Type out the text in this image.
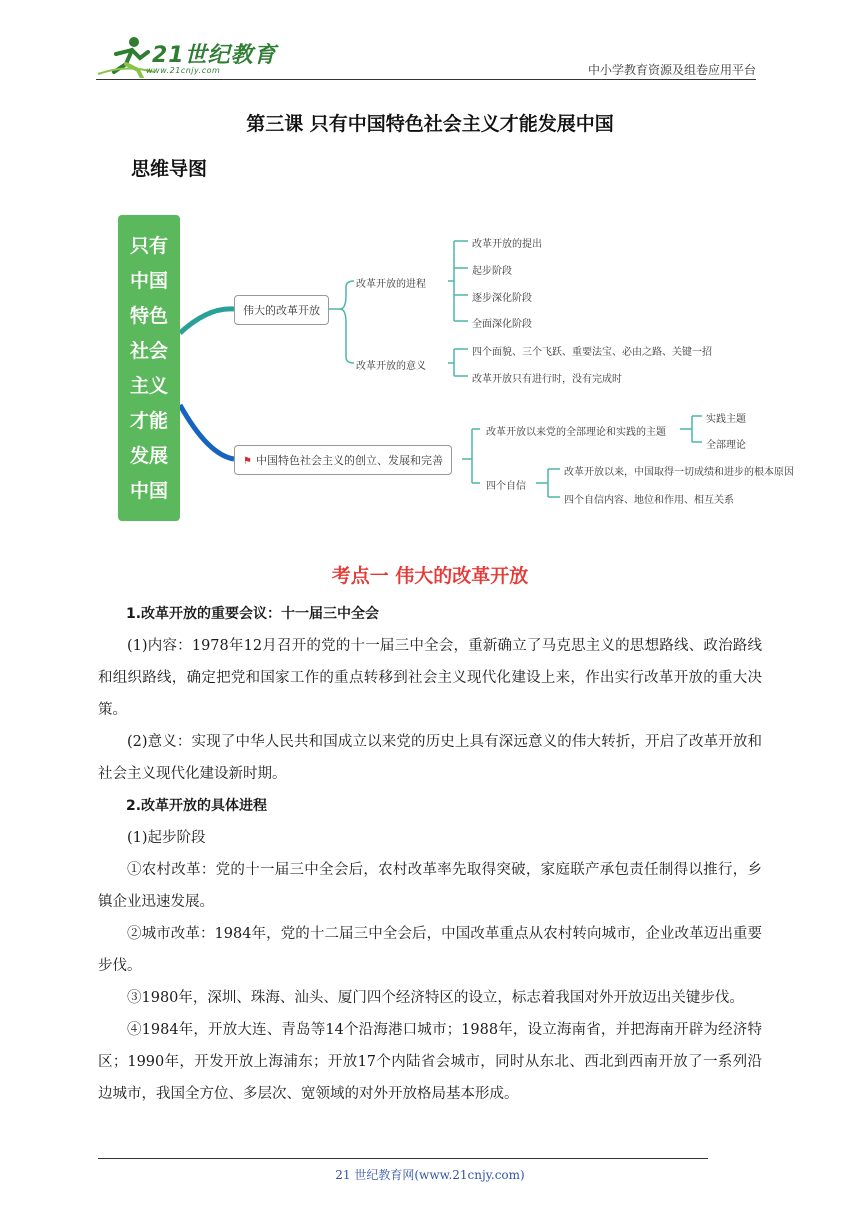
21世纪教育
www.21cnjy.com	中小学教育资源及组卷应用平台
第三课 只有中国特色社会主义才能发展中国
思维导图
只有
中国
特色
社会
主义
才能
发展
中国
伟大的改革开放
改革开放的进程
改革开放的提出
起步阶段
逐步深化阶段
全面深化阶段
改革开放的意义
四个面貌、三个飞跃、重要法宝、必由之路、关键一招
改革开放只有进行时，没有完成时
⚑ 中国特色社会主义的创立、发展和完善
改革开放以来党的全部理论和实践的主题
实践主题
全部理论
四个自信
改革开放以来，中国取得一切成绩和进步的根本原因
四个自信内容、地位和作用、相互关系
考点一 伟大的改革开放

1.改革开放的重要会议：十一届三中全会

(1)内容：1978年12月召开的党的十一届三中全会，重新确立了马克思主义的思想路线、政治路线和组织路线，确定把党和国家工作的重点转移到社会主义现代化建设上来，作出实行改革开放的重大决策。

(2)意义：实现了中华人民共和国成立以来党的历史上具有深远意义的伟大转折，开启了改革开放和社会主义现代化建设新时期。

2.改革开放的具体进程

(1)起步阶段

①农村改革：党的十一届三中全会后，农村改革率先取得突破，家庭联产承包责任制得以推行，乡镇企业迅速发展。

②城市改革：1984年，党的十二届三中全会后，中国改革重点从农村转向城市，企业改革迈出重要步伐。

③1980年，深圳、珠海、汕头、厦门四个经济特区的设立，标志着我国对外开放迈出关键步伐。

④1984年，开放大连、青岛等14个沿海港口城市；1988年，设立海南省，并把海南开辟为经济特区；1990年，开发开放上海浦东；开放17个内陆省会城市，同时从东北、西北到西南开放了一系列沿边城市，我国全方位、多层次、宽领域的对外开放格局基本形成。

21 世纪教育网(www.21cnjy.com)
